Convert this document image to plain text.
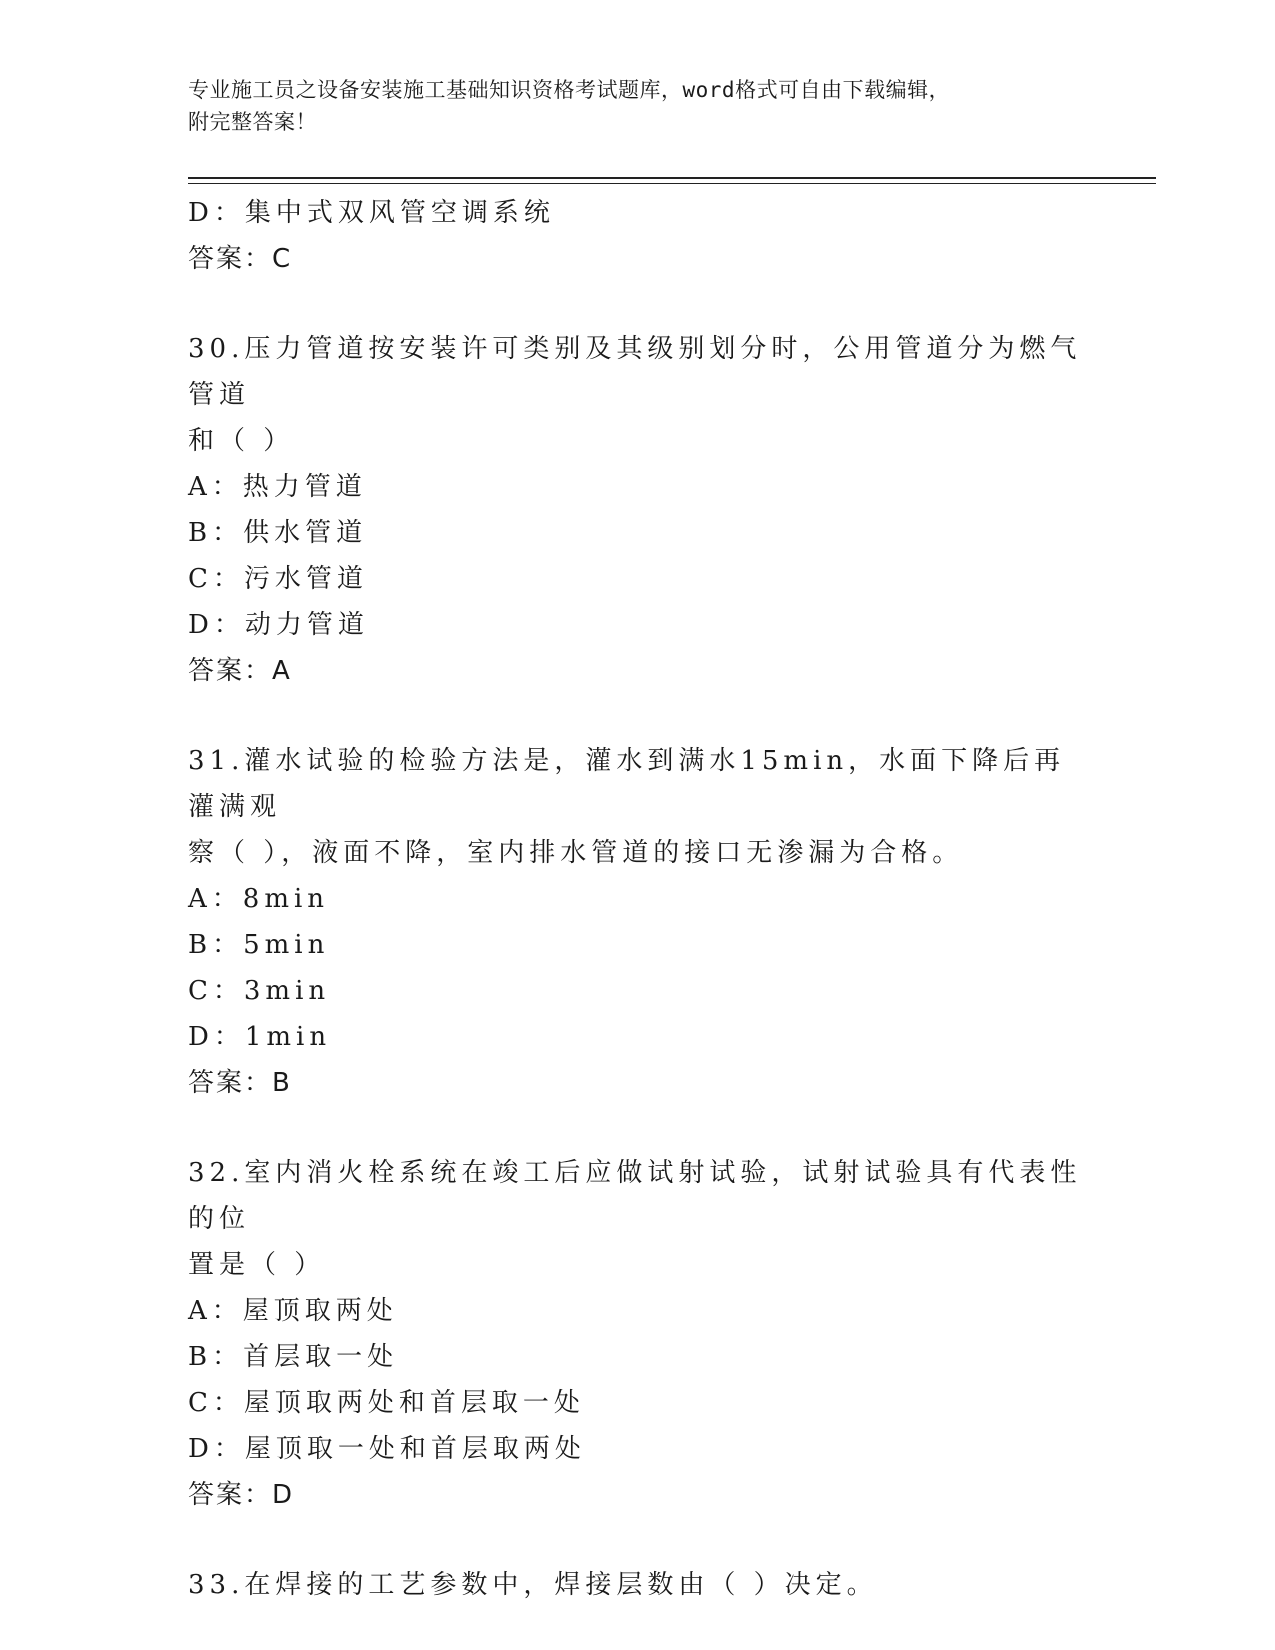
专业施工员之设备安装施工基础知识资格考试题库，word格式可自由下载编辑，
附完整答案！
D：集中式双风管空调系统
答案：C
30.压力管道按安装许可类别及其级别划分时，公用管道分为燃气管道
和（ ）
A：热力管道
B：供水管道
C：污水管道
D：动力管道
答案：A
31.灌水试验的检验方法是，灌水到满水15min，水面下降后再灌满观
察（ ），液面不降，室内排水管道的接口无渗漏为合格。
A：8min
B：5min
C：3min
D：1min
答案：B
32.室内消火栓系统在竣工后应做试射试验，试射试验具有代表性的位
置是（ ）
A：屋顶取两处
B：首层取一处
C：屋顶取两处和首层取一处
D：屋顶取一处和首层取两处
答案：D
33.在焊接的工艺参数中，焊接层数由（ ）决定。
